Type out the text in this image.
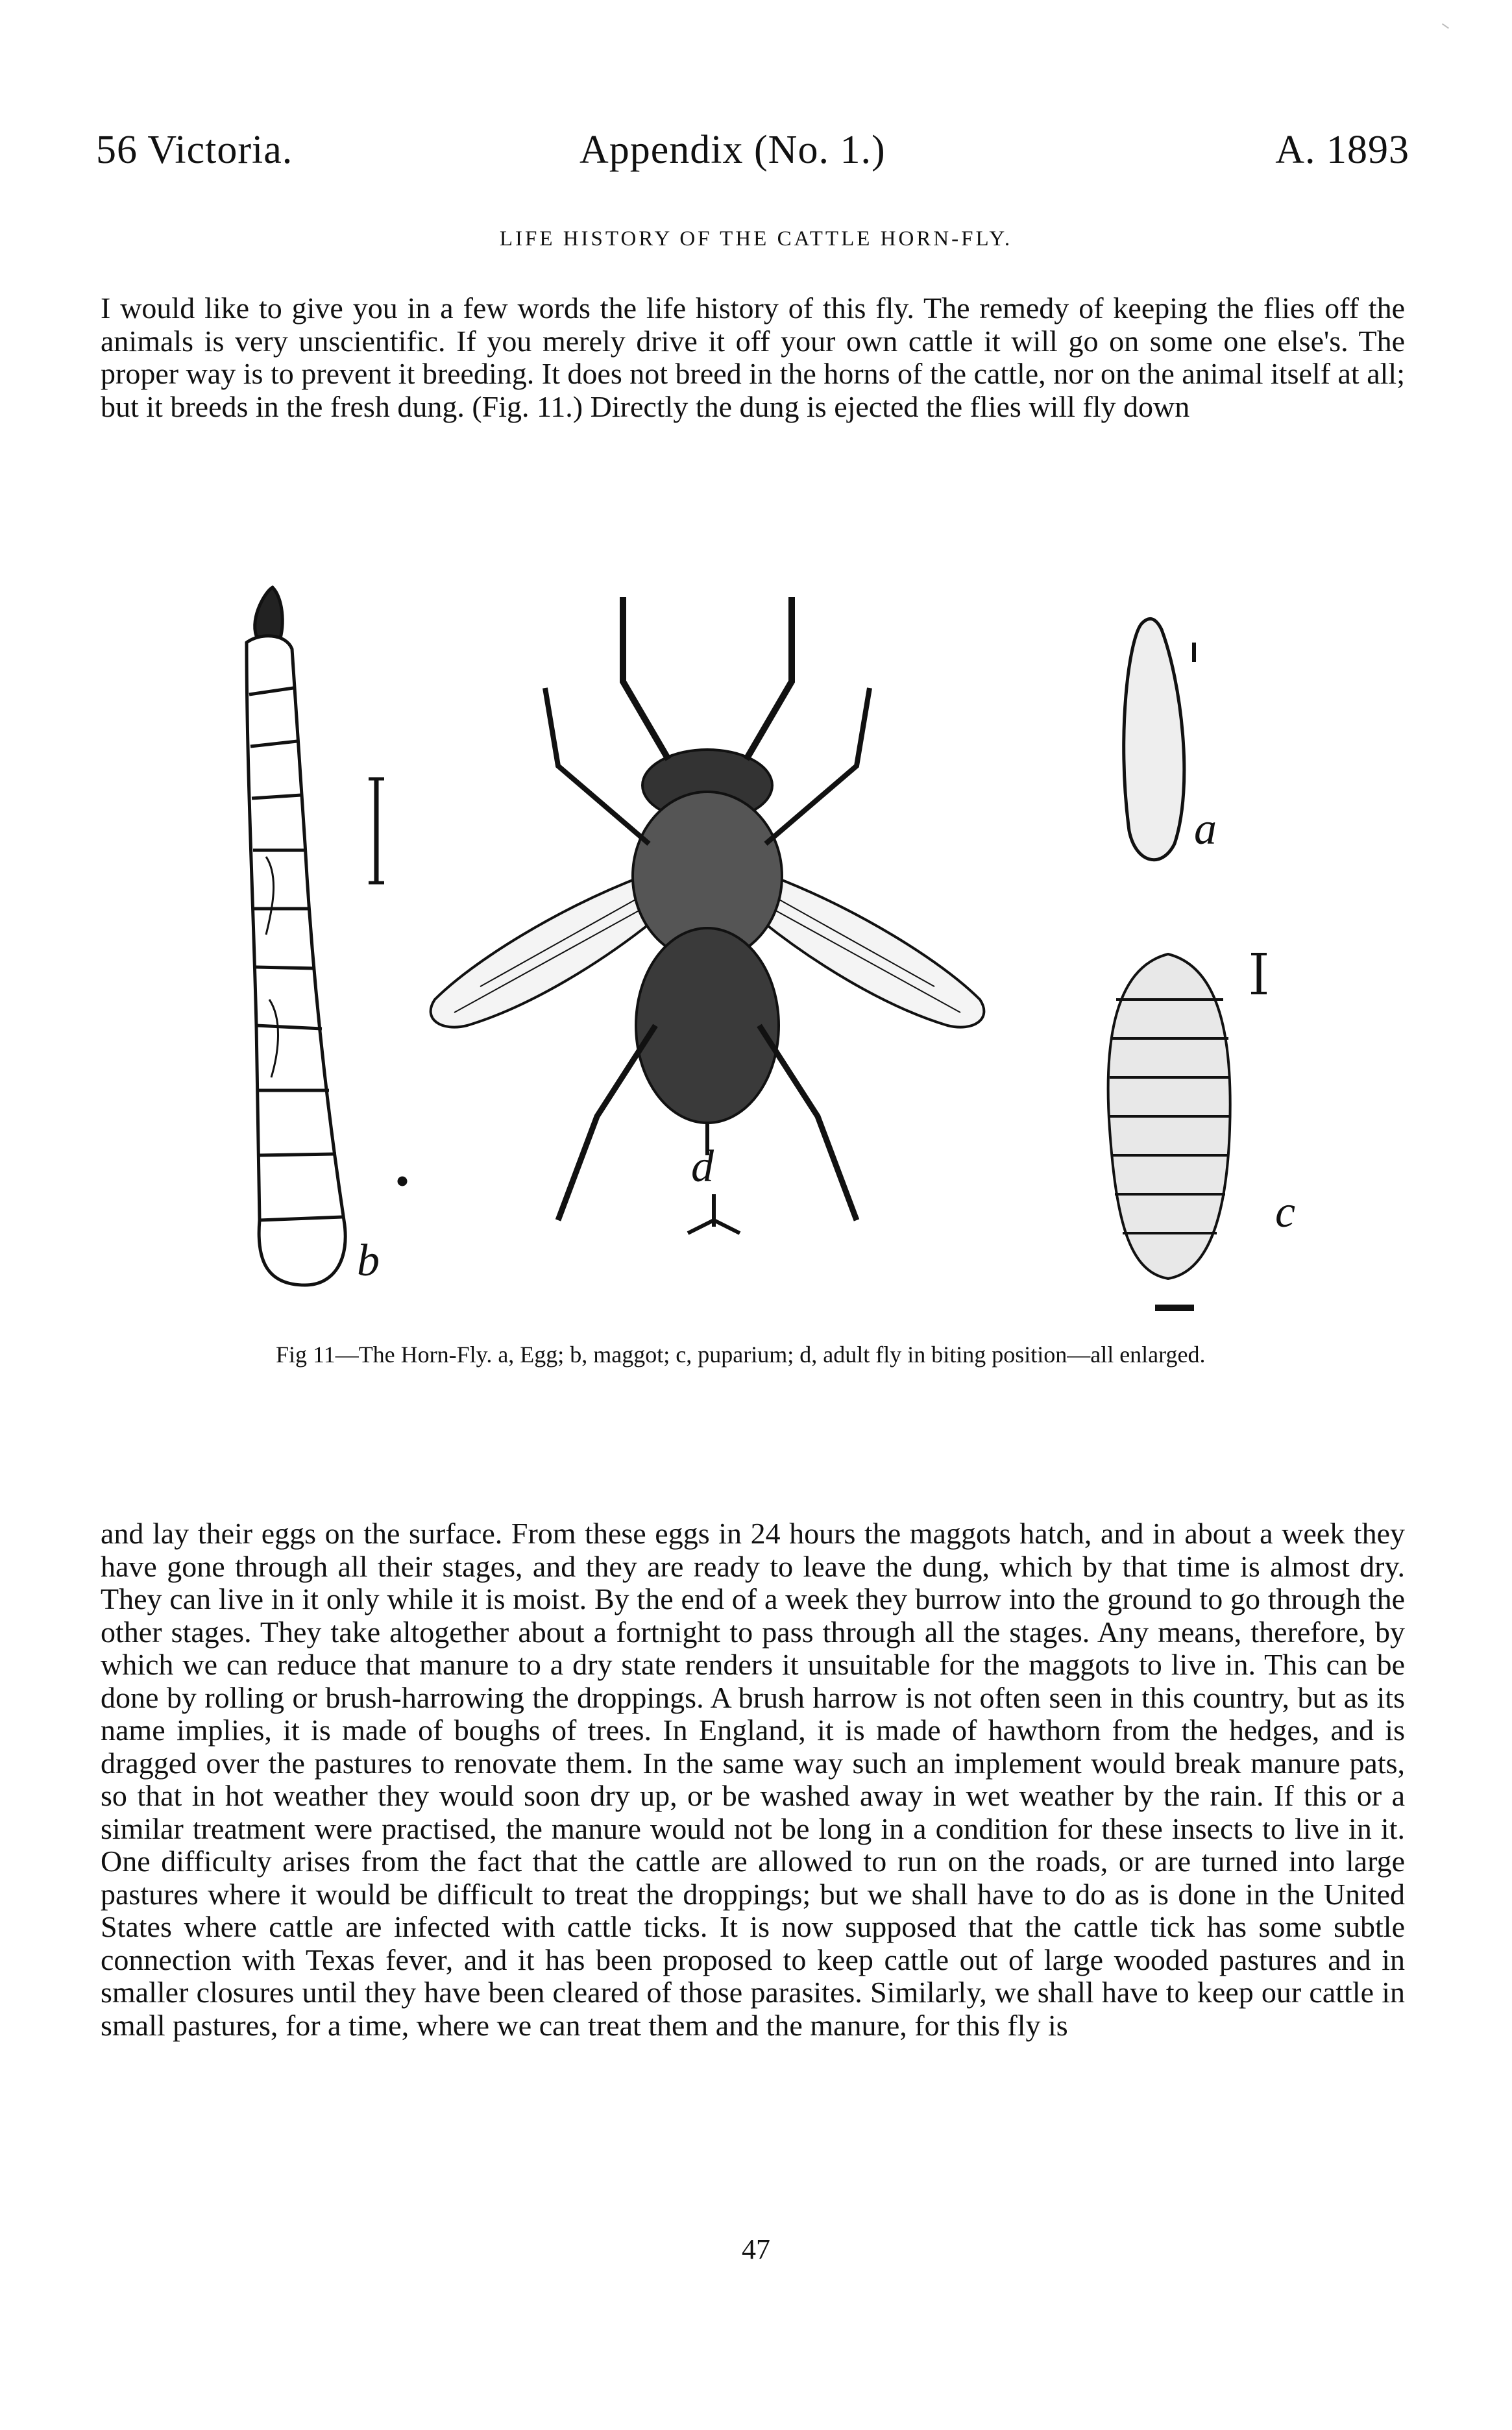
56 Victoria.	Appendix (No. 1.)	A. 1893
LIFE HISTORY OF THE CATTLE HORN-FLY.

I would like to give you in a few words the life history of this fly. The remedy of keeping the flies off the animals is very unscientific. If you merely drive it off your own cattle it will go on some one else's. The proper way is to prevent it breeding. It does not breed in the horns of the cattle, nor on the animal itself at all; but it breeds in the fresh dung. (Fig. 11.) Directly the dung is ejected the flies will fly down

b
d
a
c

Fig 11—The Horn-Fly. a, Egg; b, maggot; c, puparium; d, adult fly in biting position—all enlarged.

and lay their eggs on the surface. From these eggs in 24 hours the maggots hatch, and in about a week they have gone through all their stages, and they are ready to leave the dung, which by that time is almost dry. They can live in it only while it is moist. By the end of a week they burrow into the ground to go through the other stages. They take altogether about a fortnight to pass through all the stages. Any means, therefore, by which we can reduce that manure to a dry state renders it unsuitable for the maggots to live in. This can be done by rolling or brush-harrowing the droppings. A brush harrow is not often seen in this country, but as its name implies, it is made of boughs of trees. In England, it is made of hawthorn from the hedges, and is dragged over the pastures to renovate them. In the same way such an implement would break manure pats, so that in hot weather they would soon dry up, or be washed away in wet weather by the rain. If this or a similar treatment were practised, the manure would not be long in a condition for these insects to live in it. One difficulty arises from the fact that the cattle are allowed to run on the roads, or are turned into large pastures where it would be difficult to treat the droppings; but we shall have to do as is done in the United States where cattle are infected with cattle ticks. It is now supposed that the cattle tick has some subtle connection with Texas fever, and it has been proposed to keep cattle out of large wooded pastures and in smaller closures until they have been cleared of those parasites. Similarly, we shall have to keep our cattle in small pastures, for a time, where we can treat them and the manure, for this fly is

47
